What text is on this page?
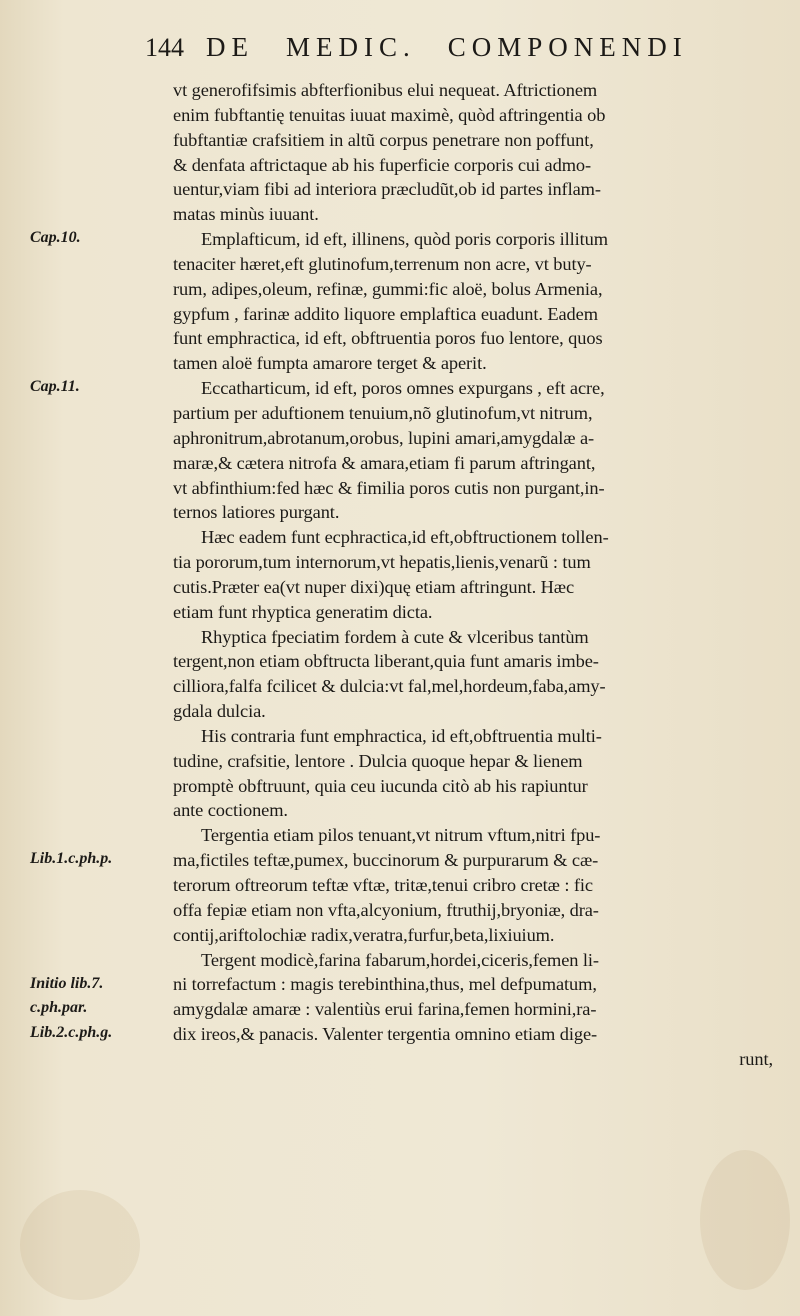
144 DE MEDIC. COMPONENDI
Cap.10.
Cap.11.
Lib.1.c.ph.p.
Initio lib.7.
c.ph.par.
Lib.2.c.ph.g.
vt generofifsimis abfterfionibus elui nequeat. Aftrictionem
enim fubftantię tenuitas iuuat maximè, quòd aftringentia ob
fubftantiæ crafsitiem in altũ corpus penetrare non poffunt,
& denfata aftrictaque ab his fuperficie corporis cui admo-
uentur,viam fibi ad interiora præcludũt,ob id partes inflam-
matas minùs iuuant.
Emplafticum, id eft, illinens, quòd poris corporis illitum
tenaciter hæret,eft glutinofum,terrenum non acre, vt buty-
rum, adipes,oleum, refinæ, gummi:fic aloë, bolus Armenia,
gypfum , farinæ addito liquore emplaftica euadunt. Eadem
funt emphractica, id eft, obftruentia poros fuo lentore, quos
tamen aloë fumpta amarore terget & aperit.
Eccatharticum, id eft, poros omnes expurgans , eft acre,
partium per aduftionem tenuium,nõ glutinofum,vt nitrum,
aphronitrum,abrotanum,orobus, lupini amari,amygdalæ a-
maræ,& cætera nitrofa & amara,etiam fi parum aftringant,
vt abfinthium:fed hæc & fimilia poros cutis non purgant,in-
ternos latiores purgant.
Hæc eadem funt ecphractica,id eft,obftructionem tollen-
tia pororum,tum internorum,vt hepatis,lienis,venarũ : tum
cutis.Præter ea(vt nuper dixi)quę etiam aftringunt. Hæc
etiam funt rhyptica generatim dicta.
Rhyptica fpeciatim fordem à cute & vlceribus tantùm
tergent,non etiam obftructa liberant,quia funt amaris imbe-
cilliora,falfa fcilicet & dulcia:vt fal,mel,hordeum,faba,amy-
gdala dulcia.
His contraria funt emphractica, id eft,obftruentia multi-
tudine, crafsitie, lentore . Dulcia quoque hepar & lienem
promptè obftruunt, quia ceu iucunda citò ab his rapiuntur
ante coctionem.
Tergentia etiam pilos tenuant,vt nitrum vftum,nitri fpu-
ma,fictiles teftæ,pumex, buccinorum & purpurarum & cæ-
terorum oftreorum teftæ vftæ, tritæ,tenui cribro cretæ : fic
offa fepiæ etiam non vfta,alcyonium, ftruthij,bryoniæ, dra-
contij,ariftolochiæ radix,veratra,furfur,beta,lixiuium.
Tergent modicè,farina fabarum,hordei,ciceris,femen li-
ni torrefactum : magis terebinthina,thus, mel defpumatum,
amygdalæ amaræ : valentiùs erui farina,femen hormini,ra-
dix ireos,& panacis. Valenter tergentia omnino etiam dige-
runt,
